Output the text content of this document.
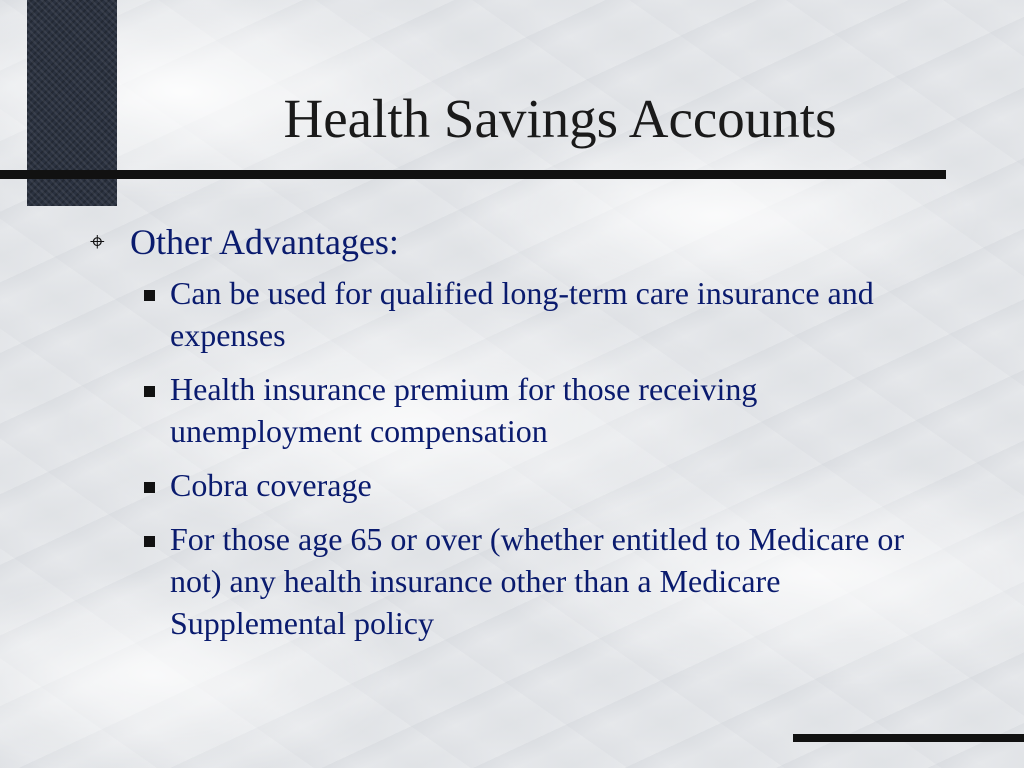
Health Savings Accounts
⌖ Other Advantages:
Can be used for qualified long-term care insurance and expenses
Health insurance premium for those receiving unemployment compensation
Cobra coverage
For those age 65 or over (whether entitled to Medicare or not) any health insurance other than a Medicare Supplemental policy
